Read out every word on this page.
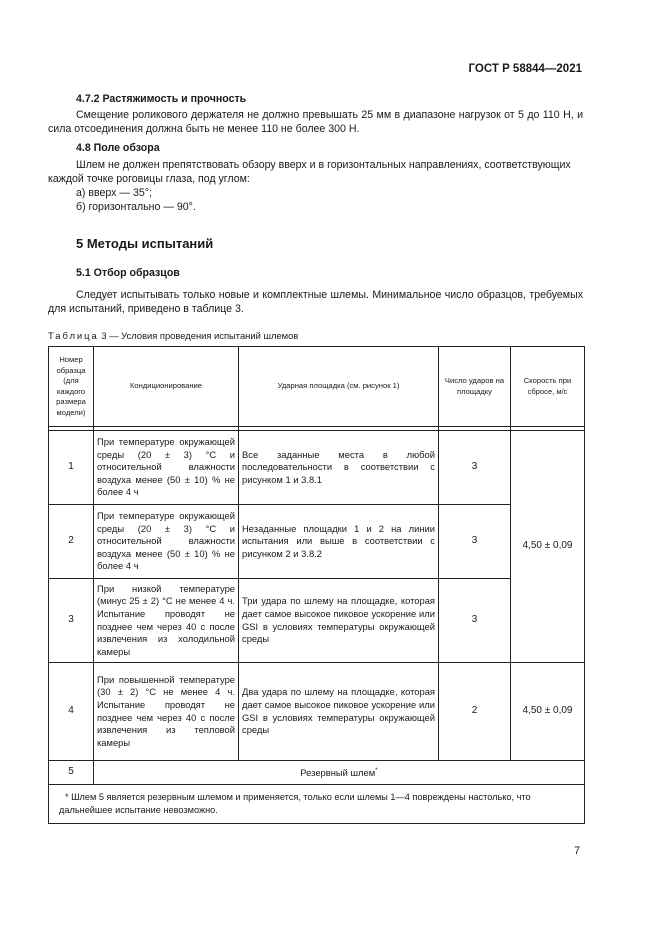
ГОСТ Р 58844—2021
4.7.2 Растяжимость и прочность
Смещение роликового держателя не должно превышать 25 мм в диапазоне нагрузок от 5 до 110 Н, и сила отсоединения должна быть не менее 110 не более 300 Н.
4.8 Поле обзора
Шлем не должен препятствовать обзору вверх и в горизонтальных направлениях, соответствующих каждой точке роговицы глаза, под углом:
а) вверх — 35°;
б) горизонтально — 90°.
5 Методы испытаний
5.1 Отбор образцов
Следует испытывать только новые и комплектные шлемы. Минимальное число образцов, требуемых для испытаний, приведено в таблице 3.
Таблица 3 — Условия проведения испытаний шлемов
Номер образца (для каждого размера модели)	Кондиционирование	Ударная площадка (см. рисунок 1)	Число ударов на площадку	Скорость при сбросе, м/с

1	При температуре окружающей среды (20 ± 3) °С и относительной влажности воздуха менее (50 ± 10) % не более 4 ч	Все заданные места в любой последовательности в соответствии с рисунком 1 и 3.8.1	3	4,50 ± 0,09
2	При температуре окружающей среды (20 ± 3) °С и относительной влажности воздуха менее (50 ± 10) % не более 4 ч	Незаданные площадки 1 и 2 на линии испытания или выше в соответствии с рисунком 2 и 3.8.2	3	
3	При низкой температуре (минус 25 ± 2) °С не менее 4 ч. Испытание проводят не позднее чем через 40 с после извлечения из холодильной камеры	Три удара по шлему на площадке, которая дает самое высокое пиковое ускорение или GSI в условиях температуры окружающей среды	3	
4	При повышенной температуре (30 ± 2) °С не менее 4 ч. Испытание проводят не позднее чем через 40 с после извлечения из тепловой камеры	Два удара по шлему на площадке, которая дает самое высокое пиковое ускорение или GSI в условиях температуры окружающей среды	2	4,50 ± 0,09
5	Резервный шлем*
* Шлем 5 является резервным шлемом и применяется, только если шлемы 1—4 повреждены настолько, что дальнейшее испытание невозможно.				
7
